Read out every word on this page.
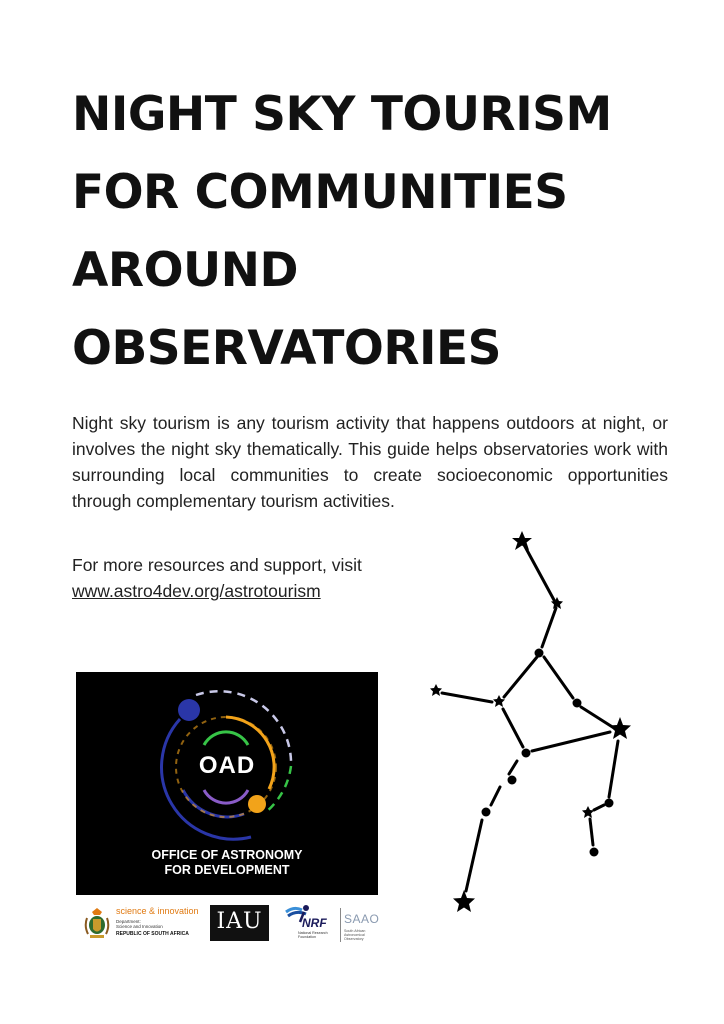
NIGHT SKY TOURISM
FOR COMMUNITIES
AROUND
OBSERVATORIES

Night sky tourism is any tourism activity that happens outdoors at night, or involves the night sky thematically. This guide helps observatories work with surrounding local communities to create socioeconomic opportunities through complementary tourism activities.

For more resources and support, visit
www.astro4dev.org/astrotourism
OAD
OFFICE OF ASTRONOMY
FOR DEVELOPMENT
science & innovation
Department:
Science and Innovation
REPUBLIC OF SOUTH AFRICA IAU	NRF
National Research
Foundation
SAAO
South African
Astronomical Observatory
